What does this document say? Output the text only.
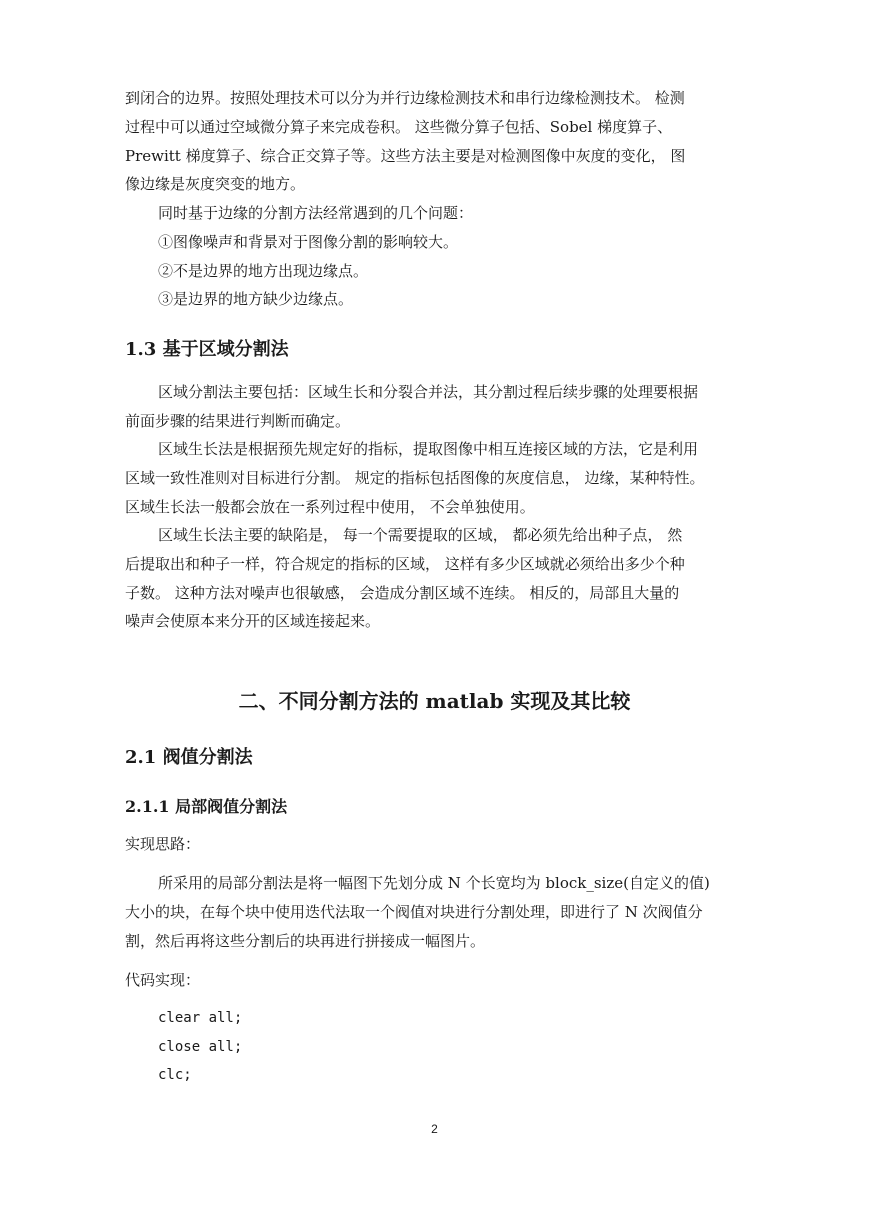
到闭合的边界。按照处理技术可以分为并行边缘检测技术和串行边缘检测技术。 检测
过程中可以通过空域微分算子来完成卷积。 这些微分算子包括、Sobel 梯度算子、
Prewitt 梯度算子、综合正交算子等。这些方法主要是对检测图像中灰度的变化， 图
像边缘是灰度突变的地方。
同时基于边缘的分割方法经常遇到的几个问题：
①图像噪声和背景对于图像分割的影响较大。
②不是边界的地方出现边缘点。
③是边界的地方缺少边缘点。
1.3 基于区域分割法
区域分割法主要包括：区域生长和分裂合并法，其分割过程后续步骤的处理要根据
前面步骤的结果进行判断而确定。
区域生长法是根据预先规定好的指标，提取图像中相互连接区域的方法，它是利用
区域一致性准则对目标进行分割。 规定的指标包括图像的灰度信息， 边缘，某种特性。
区域生长法一般都会放在一系列过程中使用， 不会单独使用。
区域生长法主要的缺陷是， 每一个需要提取的区域， 都必须先给出种子点， 然
后提取出和种子一样，符合规定的指标的区域， 这样有多少区域就必须给出多少个种
子数。 这种方法对噪声也很敏感， 会造成分割区域不连续。 相反的，局部且大量的
噪声会使原本来分开的区域连接起来。
二、不同分割方法的 matlab 实现及其比较
2.1 阀值分割法
2.1.1 局部阀值分割法
实现思路：
所采用的局部分割法是将一幅图下先划分成 N 个长宽均为 block_size(自定义的值)
大小的块，在每个块中使用迭代法取一个阀值对块进行分割处理，即进行了 N 次阀值分
割，然后再将这些分割后的块再进行拼接成一幅图片。
代码实现：
clear all;
close all;
clc;
2
